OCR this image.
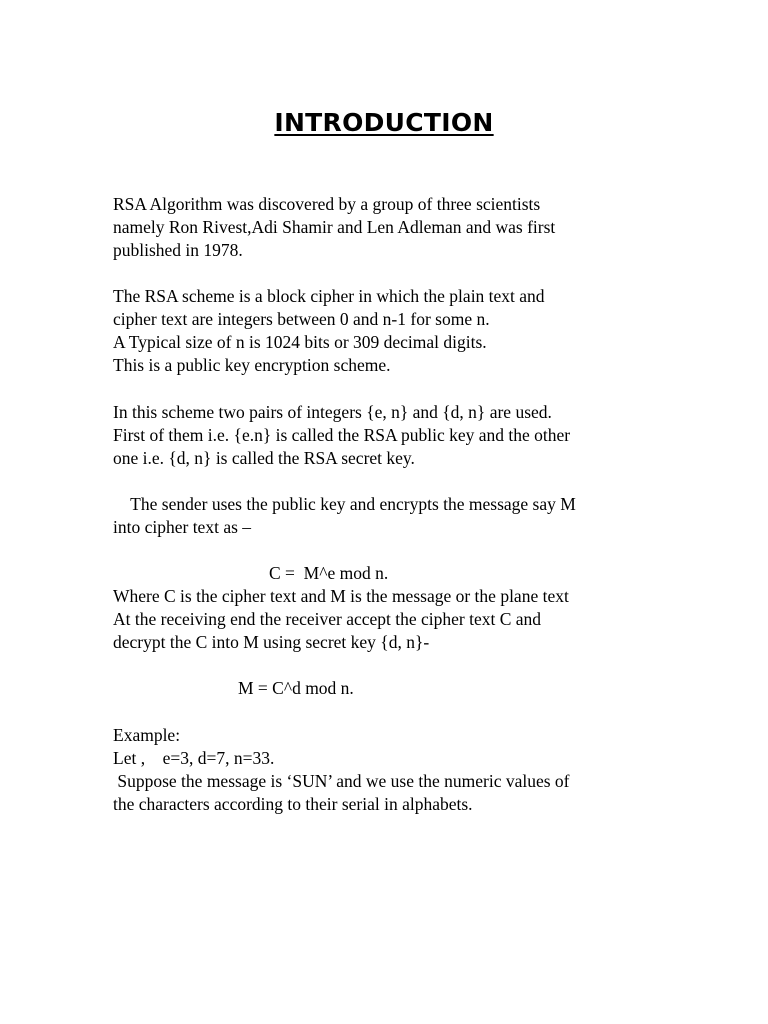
INTRODUCTION
RSA Algorithm was discovered by a group of three scientists
namely Ron Rivest,Adi Shamir and Len Adleman and was first
published in 1978.
The RSA scheme is a block cipher in which the plain text and
cipher text are integers between 0 and n-1 for some n.
A Typical size of n is 1024 bits or 309 decimal digits.
This is a public key encryption scheme.
In this scheme two pairs of integers {e, n} and {d, n} are used.
First of them i.e. {e.n} is called the RSA public key and the other
one i.e. {d, n} is called the RSA secret key.
The sender uses the public key and encrypts the message say M
into cipher text as –
C =  M^e mod n.
Where C is the cipher text and M is the message or the plane text
At the receiving end the receiver accept the cipher text C and
decrypt the C into M using secret key {d, n}-
M = C^d mod n.
Example:
Let ,    e=3, d=7, n=33.
Suppose the message is ‘SUN’ and we use the numeric values of
the characters according to their serial in alphabets.
